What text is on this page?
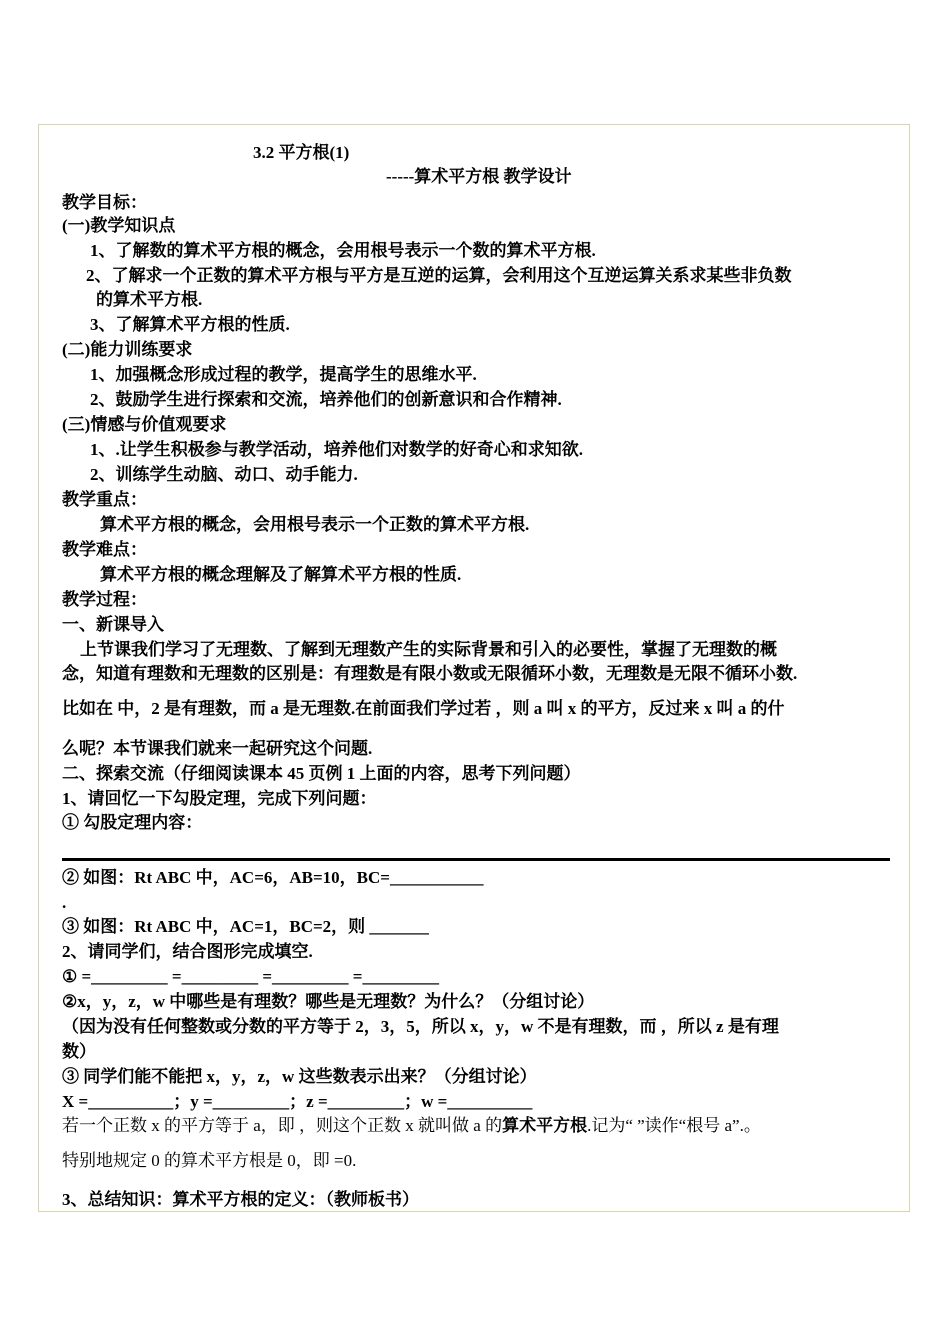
3.2 平方根(1)
-----算术平方根 教学设计
教学目标：
(一)教学知识点
1、了解数的算术平方根的概念，会用根号表示一个数的算术平方根.
2、了解求一个正数的算术平方根与平方是互逆的运算，会利用这个互逆运算关系求某些非负数
的算术平方根.
3、了解算术平方根的性质.
(二)能力训练要求
1、加强概念形成过程的教学，提高学生的思维水平.
2、鼓励学生进行探索和交流，培养他们的创新意识和合作精神.
(三)情感与价值观要求
1、.让学生积极参与教学活动，培养他们对数学的好奇心和求知欲.
2、训练学生动脑、动口、动手能力.
教学重点：
算术平方根的概念，会用根号表示一个正数的算术平方根.
教学难点：
算术平方根的概念理解及了解算术平方根的性质.
教学过程：
一、新课导入
上节课我们学习了无理数、了解到无理数产生的实际背景和引入的必要性，掌握了无理数的概
念，知道有理数和无理数的区别是：有理数是有限小数或无限循环小数，无理数是无限不循环小数.
比如在 中，2 是有理数，而 a 是无理数.在前面我们学过若 ，则 a 叫 x 的平方，反过来 x 叫 a 的什
么呢？本节课我们就来一起研究这个问题.
二、探索交流（仔细阅读课本 45 页例 1 上面的内容，思考下列问题）
1、请回忆一下勾股定理，完成下列问题：
① 勾股定理内容：
② 如图：Rt ABC 中，AC=6，AB=10，BC=___________
.
③ 如图：Rt ABC 中，AC=1，BC=2，则 _______
2、请同学们，结合图形完成填空.
① =_________ =_________ =_________ =_________
②x，y，z，w 中哪些是有理数？哪些是无理数？为什么？（分组讨论）
（因为没有任何整数或分数的平方等于 2，3，5，所以 x，y，w 不是有理数，而 ，所以 z 是有理
数）
③ 同学们能不能把 x，y，z，w 这些数表示出来？（分组讨论）
X =__________；y =_________；z =_________；w =__________
若一个正数 x 的平方等于 a，即 ，则这个正数 x 就叫做 a 的算术平方根.记为“ ”读作“根号 a”.。
特别地规定 0 的算术平方根是 0，即 =0.
3、总结知识：算术平方根的定义：（教师板书）
